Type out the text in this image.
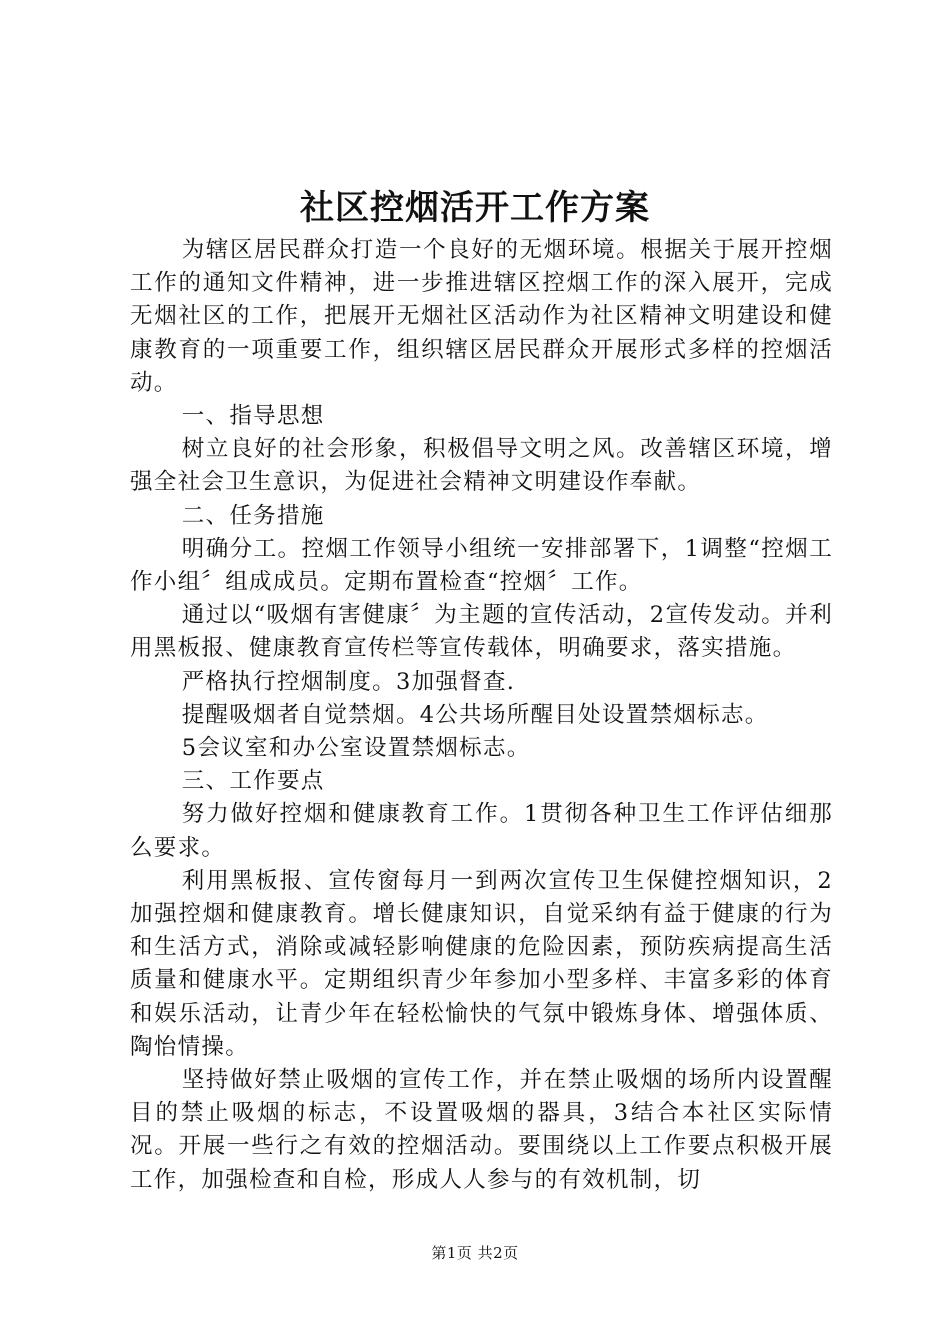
社区控烟活开工作方案

为辖区居民群众打造一个良好的无烟环境。根据关于展开控烟工作的通知文件精神，进一步推进辖区控烟工作的深入展开，完成无烟社区的工作，把展开无烟社区活动作为社区精神文明建设和健康教育的一项重要工作，组织辖区居民群众开展形式多样的控烟活动。

一、指导思想

树立良好的社会形象，积极倡导文明之风。改善辖区环境，增强全社会卫生意识，为促进社会精神文明建设作奉献。

二、任务措施

明确分工。控烟工作领导小组统一安排部署下，1调整“控烟工作小组〞组成成员。定期布置检查“控烟〞工作。

通过以“吸烟有害健康〞为主题的宣传活动，2宣传发动。并利用黑板报、健康教育宣传栏等宣传载体，明确要求，落实措施。

严格执行控烟制度。3加强督查.

提醒吸烟者自觉禁烟。4公共场所醒目处设置禁烟标志。

5会议室和办公室设置禁烟标志。

三、工作要点

努力做好控烟和健康教育工作。1贯彻各种卫生工作评估细那么要求。

利用黑板报、宣传窗每月一到两次宣传卫生保健控烟知识，2加强控烟和健康教育。增长健康知识，自觉采纳有益于健康的行为和生活方式，消除或减轻影响健康的危险因素，预防疾病提高生活质量和健康水平。定期组织青少年参加小型多样、丰富多彩的体育和娱乐活动，让青少年在轻松愉快的气氛中锻炼身体、增强体质、陶怡情操。

坚持做好禁止吸烟的宣传工作，并在禁止吸烟的场所内设置醒目的禁止吸烟的标志，不设置吸烟的器具，3结合本社区实际情况。开展一些行之有效的控烟活动。要围绕以上工作要点积极开展工作，加强检查和自检，形成人人参与的有效机制，切

第1页 共2页
